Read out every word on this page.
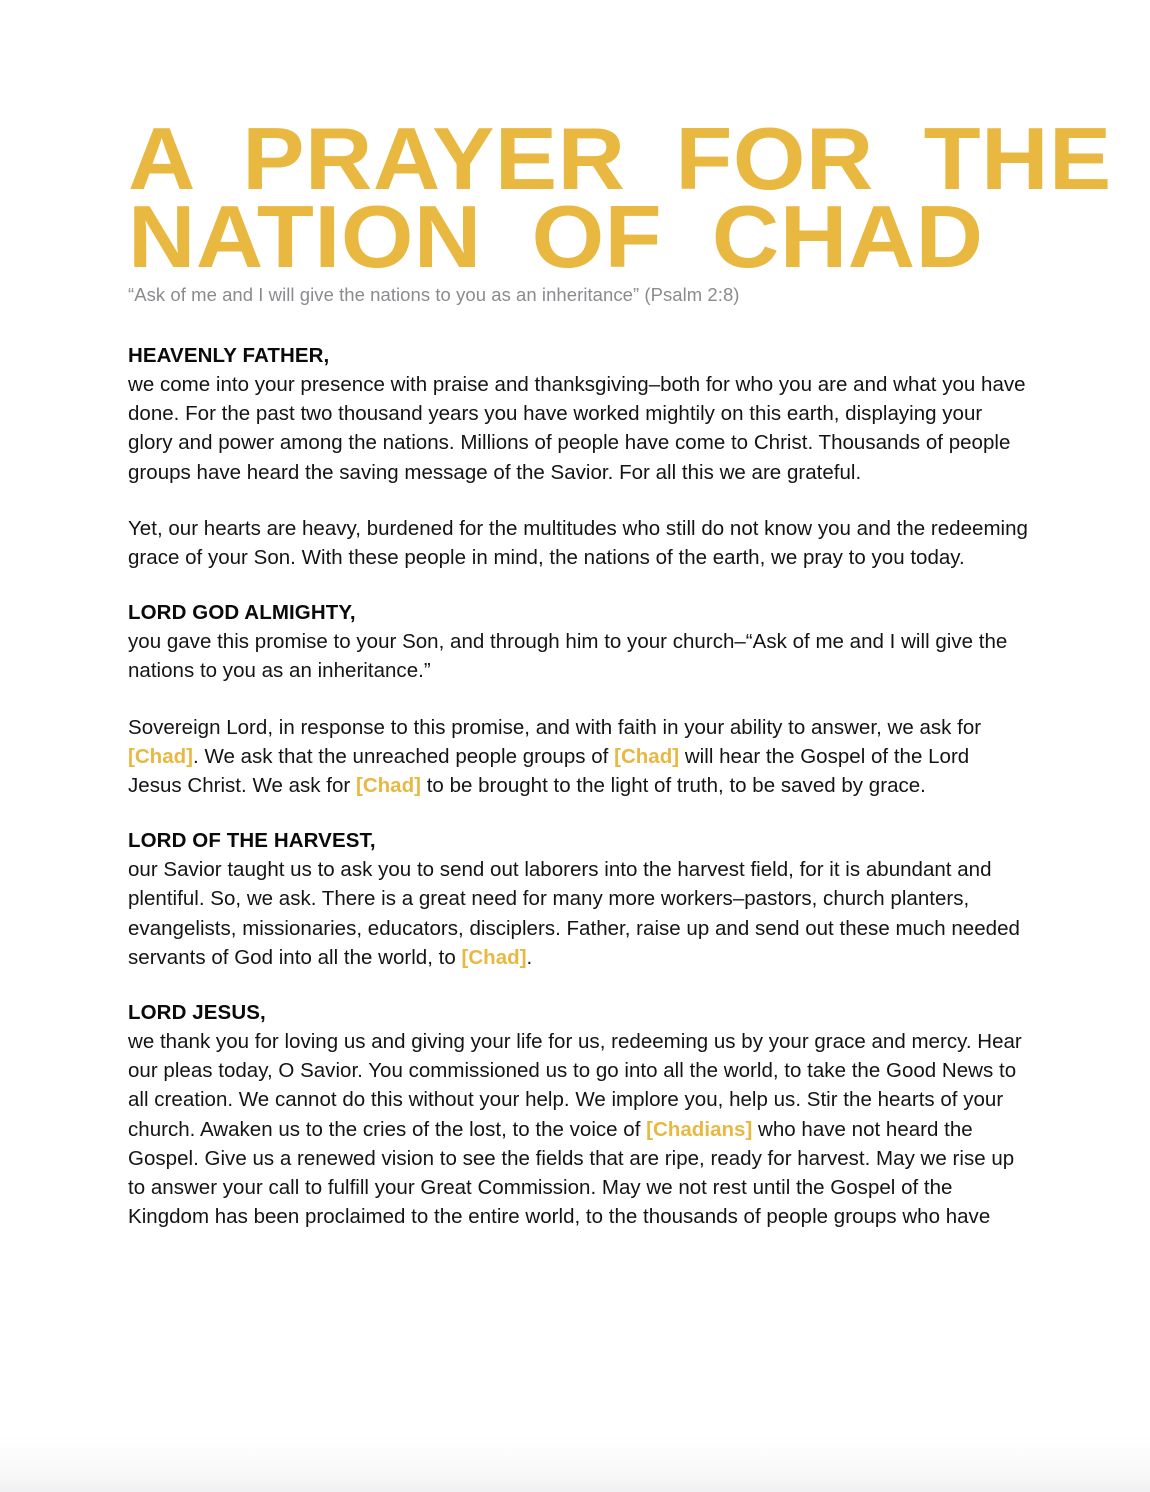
A PRAYER FOR THE
NATION OF CHAD
“Ask of me and I will give the nations to you as an inheritance” (Psalm 2:8)
HEAVENLY FATHER,

we come into your presence with praise and thanksgiving–both for who you are and what you have done. For the past two thousand years you have worked mightily on this earth, displaying your glory and power among the nations. Millions of people have come to Christ. Thousands of people groups have heard the saving message of the Savior. For all this we are grateful.

Yet, our hearts are heavy, burdened for the multitudes who still do not know you and the redeeming grace of your Son. With these people in mind, the nations of the earth, we pray to you today.

LORD GOD ALMIGHTY,

you gave this promise to your Son, and through him to your church–“Ask of me and I will give the nations to you as an inheritance.”

Sovereign Lord, in response to this promise, and with faith in your ability to answer, we ask for [Chad]. We ask that the unreached people groups of [Chad] will hear the Gospel of the Lord Jesus Christ. We ask for [Chad] to be brought to the light of truth, to be saved by grace.

LORD OF THE HARVEST,

our Savior taught us to ask you to send out laborers into the harvest field, for it is abundant and plentiful. So, we ask. There is a great need for many more workers–pastors, church planters, evangelists, missionaries, educators, disciplers. Father, raise up and send out these much needed servants of God into all the world, to [Chad].

LORD JESUS,

we thank you for loving us and giving your life for us, redeeming us by your grace and mercy. Hear our pleas today, O Savior. You commissioned us to go into all the world, to take the Good News to all creation. We cannot do this without your help. We implore you, help us. Stir the hearts of your church. Awaken us to the cries of the lost, to the voice of [Chadians] who have not heard the Gospel. Give us a renewed vision to see the fields that are ripe, ready for harvest. May we rise up to answer your call to fulfill your Great Commission. May we not rest until the Gospel of the Kingdom has been proclaimed to the entire world, to the thousands of people groups who have
